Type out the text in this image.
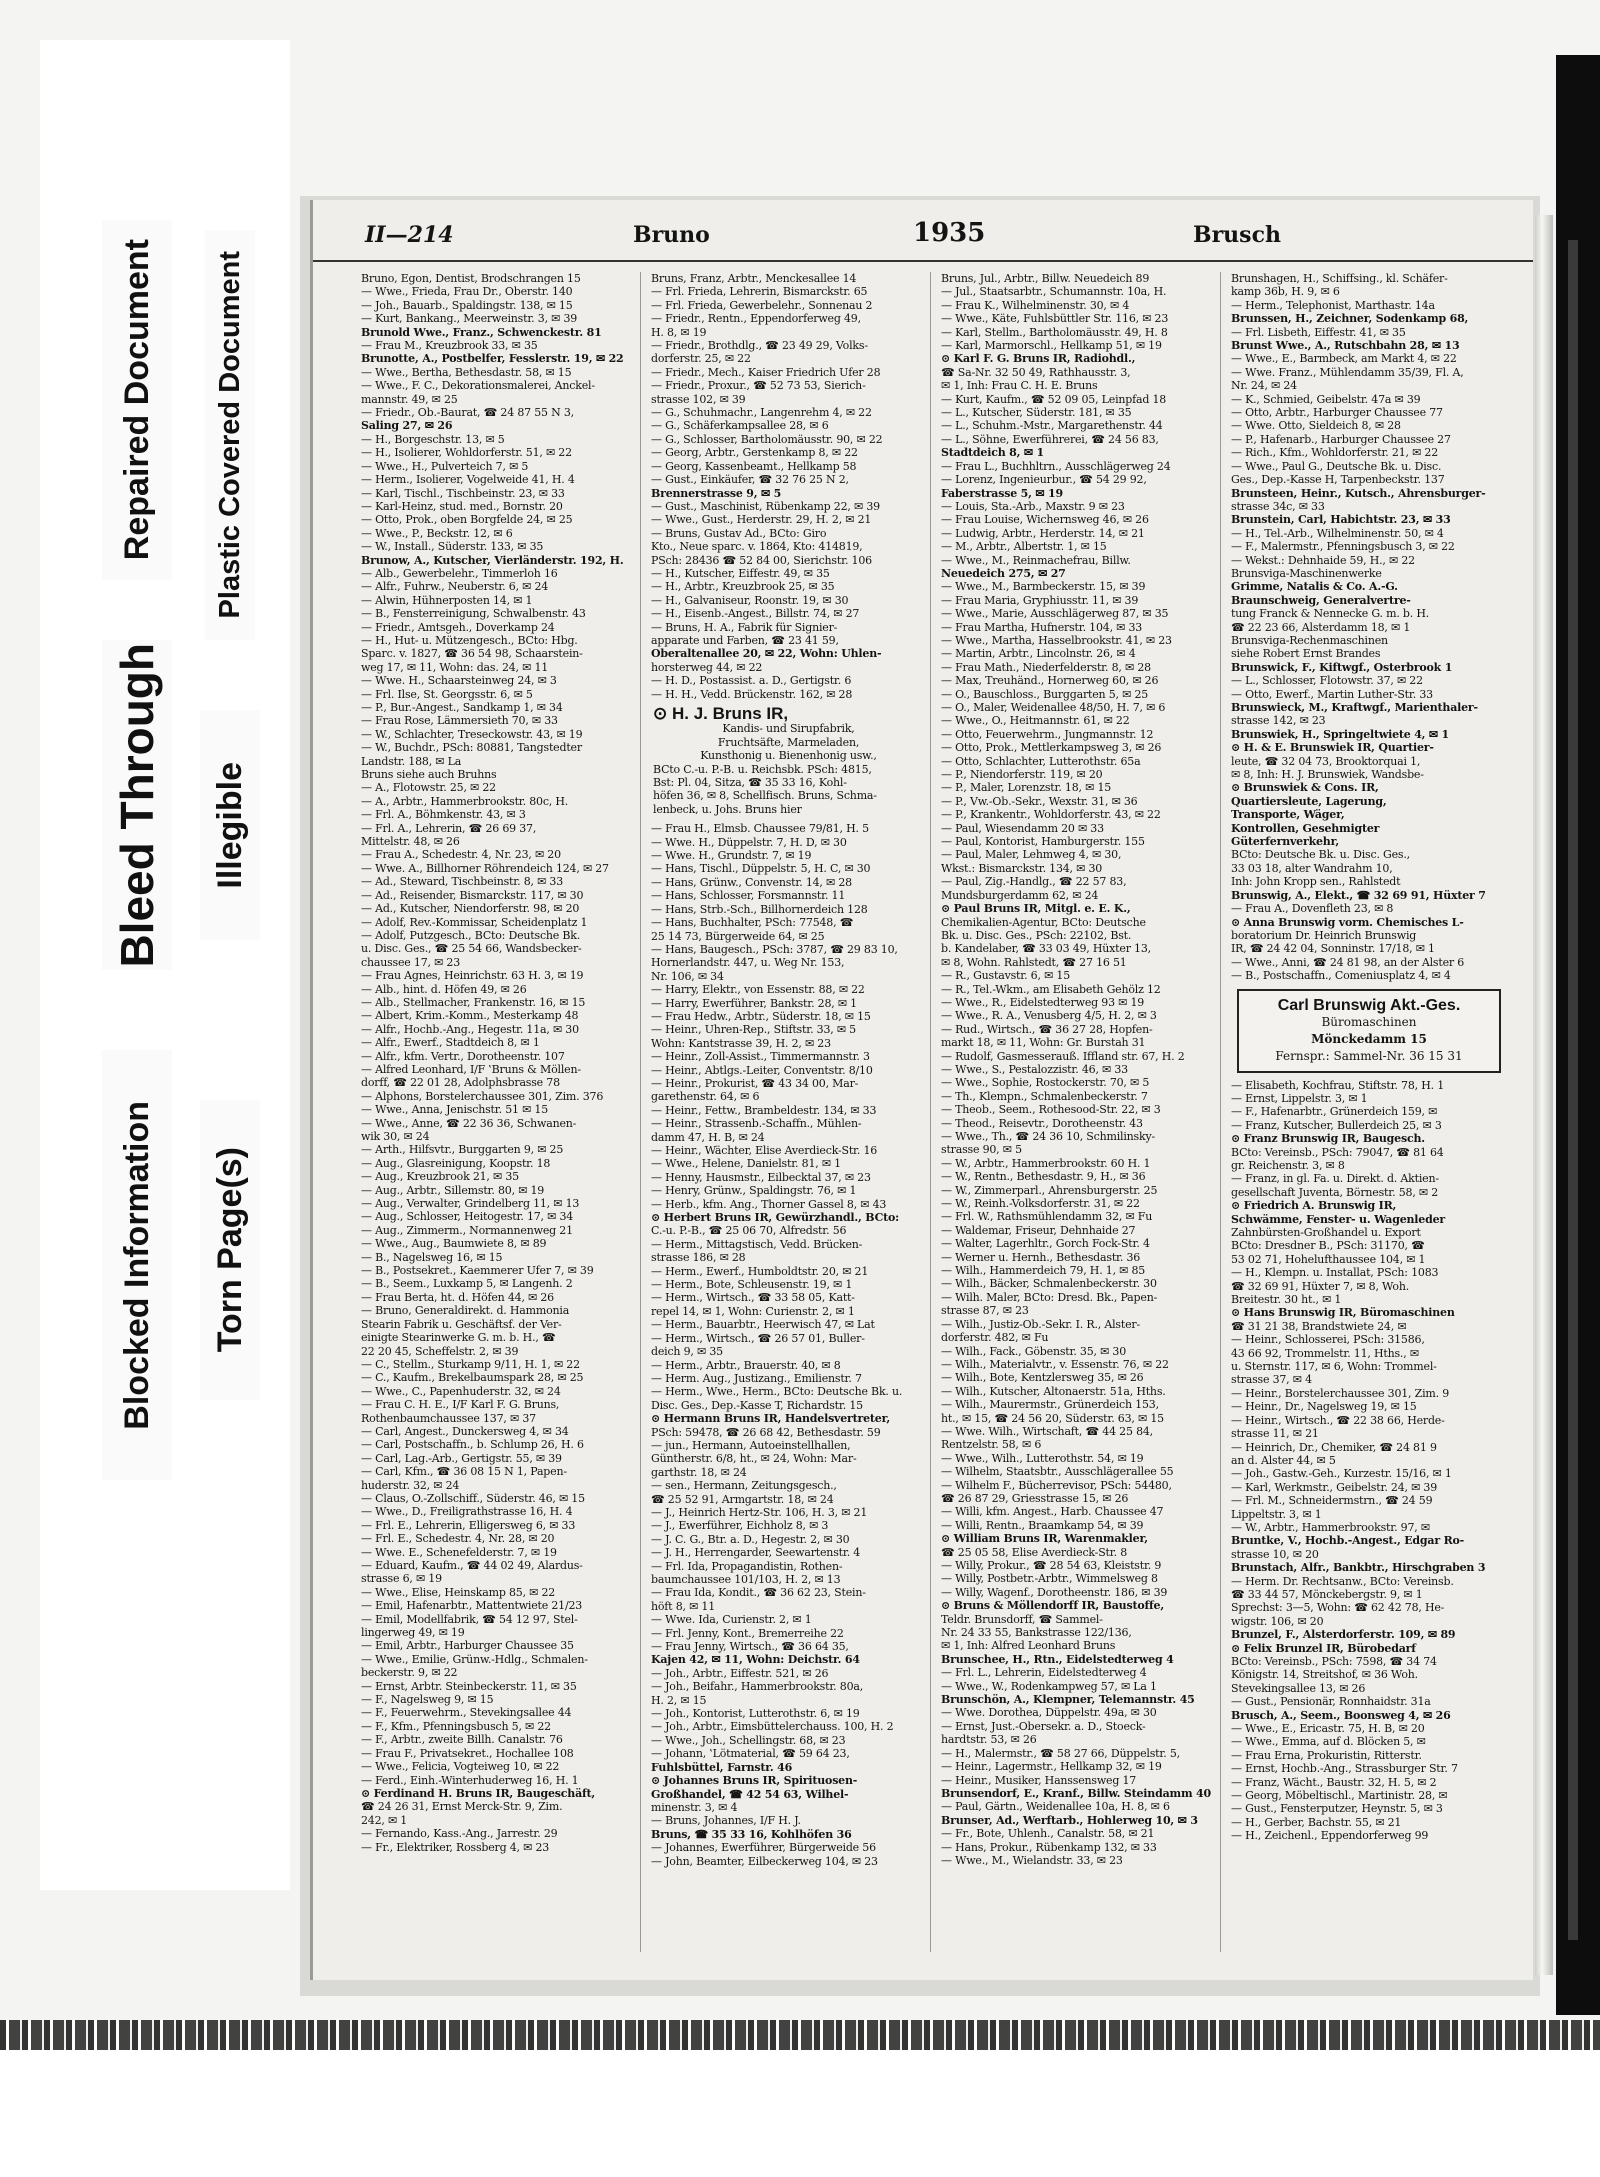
Bleed Through Illegible
Blocked Information Torn Page(s)
Repaired Document Plastic Covered Document
II—214	Bruno	1935	Brusch
Bruno, Egon, Dentist, Brodschrangen 15
— Wwe., Frieda, Frau Dr., Oberstr. 140
— Joh., Bauarb., Spaldingstr. 138, ✉ 15
— Kurt, Bankang., Meerweinstr. 3, ✉ 39
Brunold Wwe., Franz., Schwenckestr. 81
— Frau M., Kreuzbrook 33, ✉ 35
Brunotte, A., Postbelfer, Fesslerstr. 19, ✉ 22
— Wwe., Bertha, Bethesdastr. 58, ✉ 15
— Wwe., F. C., Dekorationsmalerei, Anckel-
mannstr. 49, ✉ 25
— Friedr., Ob.-Baurat, ☎ 24 87 55 N 3,
Saling 27, ✉ 26
— H., Borgeschstr. 13, ✉ 5
— H., Isolierer, Wohldorferstr. 51, ✉ 22
— Wwe., H., Pulverteich 7, ✉ 5
— Herm., Isolierer, Vogelweide 41, H. 4
— Karl, Tischl., Tischbeinstr. 23, ✉ 33
— Karl-Heinz, stud. med., Bornstr. 20
— Otto, Prok., oben Borgfelde 24, ✉ 25
— Wwe., P., Beckstr. 12, ✉ 6
— W., Install., Süderstr. 133, ✉ 35
Brunow, A., Kutscher, Vierländerstr. 192, H.
— Alb., Gewerbelehr., Timmerloh 16
— Alfr., Fuhrw., Neuberstr. 6, ✉ 24
— Alwin, Hühnerposten 14, ✉ 1
— B., Fensterreinigung, Schwalbenstr. 43
— Friedr., Amtsgeh., Doverkamp 24
— H., Hut- u. Mützengesch., BCto: Hbg.
Sparc. v. 1827, ☎ 36 54 98, Schaarstein-
weg 17, ✉ 11, Wohn: das. 24, ✉ 11
— Wwe. H., Schaarsteinweg 24, ✉ 3
— Frl. Ilse, St. Georgsstr. 6, ✉ 5
— P., Bur.-Angest., Sandkamp 1, ✉ 34
— Frau Rose, Lämmersieth 70, ✉ 33
— W., Schlachter, Treseckowstr. 43, ✉ 19
— W., Buchdr., PSch: 80881, Tangstedter
Landstr. 188, ✉ La
Bruns siehe auch Bruhns
— A., Flotowstr. 25, ✉ 22
— A., Arbtr., Hammerbrookstr. 80c, H.
— Frl. A., Böhmkenstr. 43, ✉ 3
— Frl. A., Lehrerin, ☎ 26 69 37,
Mittelstr. 48, ✉ 26
— Frau A., Schedestr. 4, Nr. 23, ✉ 20
— Wwe. A., Billhorner Röhrendeich 124, ✉ 27
— Ad., Steward, Tischbeinstr. 8, ✉ 33
— Ad., Reisender, Bismarckstr. 117, ✉ 30
— Ad., Kutscher, Niendorferstr. 98, ✉ 20
— Adolf, Rev.-Kommissar, Scheidenplatz 1
— Adolf, Putzgesch., BCto: Deutsche Bk.
u. Disc. Ges., ☎ 25 54 66, Wandsbecker-
chaussee 17, ✉ 23
— Frau Agnes, Heinrichstr. 63 H. 3, ✉ 19
— Alb., hint. d. Höfen 49, ✉ 26
— Alb., Stellmacher, Frankenstr. 16, ✉ 15
— Albert, Krim.-Komm., Mesterkamp 48
— Alfr., Hochb.-Ang., Hegestr. 11a, ✉ 30
— Alfr., Ewerf., Stadtdeich 8, ✉ 1
— Alfr., kfm. Vertr., Dorotheenstr. 107
— Alfred Leonhard, I/F ‛Bruns & Möllen-
dorff, ☎ 22 01 28, Adolphsbrasse 78
— Alphons, Borstelerchaussee 301, Zim. 376
— Wwe., Anna, Jenischstr. 51 ✉ 15
— Wwe., Anne, ☎ 22 36 36, Schwanen-
wik 30, ✉ 24
— Arth., Hilfsvtr., Burggarten 9, ✉ 25
— Aug., Glasreinigung, Koopstr. 18
— Aug., Kreuzbrook 21, ✉ 35
— Aug., Arbtr., Sillemstr. 80, ✉ 19
— Aug., Verwalter, Grindelberg 11, ✉ 13
— Aug., Schlosser, Heitogestr. 17, ✉ 34
— Aug., Zimmerm., Normannenweg 21
— Wwe., Aug., Baumwiete 8, ✉ 89
— B., Nagelsweg 16, ✉ 15
— B., Postsekret., Kaemmerer Ufer 7, ✉ 39
— B., Seem., Luxkamp 5, ✉ Langenh. 2
— Frau Berta, ht. d. Höfen 44, ✉ 26
— Bruno, Generaldirekt. d. Hammonia
Stearin Fabrik u. Geschäftsf. der Ver-
einigte Stearinwerke G. m. b. H., ☎
22 20 45, Scheffelstr. 2, ✉ 39
— C., Stellm., Sturkamp 9/11, H. 1, ✉ 22
— C., Kaufm., Brekelbaumspark 28, ✉ 25
— Wwe., C., Papenhuderstr. 32, ✉ 24
— Frau C. H. E., I/F Karl F. G. Bruns,
Rothenbaumchaussee 137, ✉ 37
— Carl, Angest., Dunckersweg 4, ✉ 34
— Carl, Postschaffn., b. Schlump 26, H. 6
— Carl, Lag.-Arb., Gertigstr. 55, ✉ 39
— Carl, Kfm., ☎ 36 08 15 N 1, Papen-
huderstr. 32, ✉ 24
— Claus, O.-Zollschiff., Süderstr. 46, ✉ 15
— Wwe., D., Freiligrathstrasse 16, H. 4
— Frl. E., Lehrerin, Elligersweg 6, ✉ 33
— Frl. E., Schedestr. 4, Nr. 28, ✉ 20
— Wwe. E., Schenefelderstr. 7, ✉ 19
— Eduard, Kaufm., ☎ 44 02 49, Alardus-
strasse 6, ✉ 19
— Wwe., Elise, Heinskamp 85, ✉ 22
— Emil, Hafenarbtr., Mattentwiete 21/23
— Emil, Modellfabrik, ☎ 54 12 97, Stel-
lingerweg 49, ✉ 19
— Emil, Arbtr., Harburger Chaussee 35
— Wwe., Emilie, Grünw.-Hdlg., Schmalen-
beckerstr. 9, ✉ 22
— Ernst, Arbtr. Steinbeckerstr. 11, ✉ 35
— F., Nagelsweg 9, ✉ 15
— F., Feuerwehrm., Stevekingsallee 44
— F., Kfm., Pfenningsbusch 5, ✉ 22
— F., Arbtr., zweite Billh. Canalstr. 76
— Frau F., Privatsekret., Hochallee 108
— Wwe., Felicia, Vogteiweg 10, ✉ 22
— Ferd., Einh.-Winterhuderweg 16, H. 1
⊙ Ferdinand H. Bruns IR, Baugeschäft,
☎ 24 26 31, Ernst Merck-Str. 9, Zim.
242, ✉ 1
— Fernando, Kass.-Ang., Jarrestr. 29
— Fr., Elektriker, Rossberg 4, ✉ 23
Bruns, Franz, Arbtr., Menckesallee 14
— Frl. Frieda, Lehrerin, Bismarckstr. 65
— Frl. Frieda, Gewerbelehr., Sonnenau 2
— Friedr., Rentn., Eppendorferweg 49,
H. 8, ✉ 19
— Friedr., Brothdlg., ☎ 23 49 29, Volks-
dorferstr. 25, ✉ 22
— Friedr., Mech., Kaiser Friedrich Ufer 28
— Friedr., Proxur., ☎ 52 73 53, Sierich-
strasse 102, ✉ 39
— G., Schuhmachr., Langenrehm 4, ✉ 22
— G., Schäferkampsallee 28, ✉ 6
— G., Schlosser, Bartholomäusstr. 90, ✉ 22
— Georg, Arbtr., Gerstenkamp 8, ✉ 22
— Georg, Kassenbeamt., Hellkamp 58
— Gust., Einkäufer, ☎ 32 76 25 N 2,
Brennerstrasse 9, ✉ 5
— Gust., Maschinist, Rübenkamp 22, ✉ 39
— Wwe., Gust., Herderstr. 29, H. 2, ✉ 21
— Bruns, Gustav Ad., BCto: Giro
Kto., Neue sparc. v. 1864, Kto: 414819,
PSch: 28436 ☎ 52 84 00, Sierichstr. 106
— H., Kutscher, Eiffestr. 49, ✉ 35
— H., Arbtr., Kreuzbrook 25, ✉ 35
— H., Galvaniseur, Roonstr. 19, ✉ 30
— H., Eisenb.-Angest., Billstr. 74, ✉ 27
— Bruns, H. A., Fabrik für Signier-
apparate und Farben, ☎ 23 41 59,
Oberaltenallee 20, ✉ 22, Wohn: Uhlen-
horsterweg 44, ✉ 22
— H. D., Postassist. a. D., Gertigstr. 6
— H. H., Vedd. Brückenstr. 162, ✉ 28
⊙ H. J. Bruns IR,
Kandis- und Sirupfabrik,
Fruchtsäfte, Marmeladen,
Kunsthonig u. Bienenhonig usw.,
BCto C.-u. P.-B. u. Reichsbk. PSch: 4815,
Bst: Pl. 04, Sitza, ☎ 35 33 16, Kohl-
höfen 36, ✉ 8, Schellfisch. Bruns, Schma-
lenbeck, u. Johs. Bruns hier
— Frau H., Elmsb. Chaussee 79/81, H. 5
— Wwe. H., Düppelstr. 7, H. D, ✉ 30
— Wwe. H., Grundstr. 7, ✉ 19
— Hans, Tischl., Düppelstr. 5, H. C, ✉ 30
— Hans, Grünw., Convenstr. 14, ✉ 28
— Hans, Schlosser, Forsmannstr. 11
— Hans, Strb.-Sch., Billhornerdeich 128
— Hans, Buchhalter, PSch: 77548, ☎
25 14 73, Bürgerweide 64, ✉ 25
— Hans, Baugesch., PSch: 3787, ☎ 29 83 10,
Hornerlandstr. 447, u. Weg Nr. 153,
Nr. 106, ✉ 34
— Harry, Elektr., von Essenstr. 88, ✉ 22
— Harry, Ewerführer, Bankstr. 28, ✉ 1
— Frau Hedw., Arbtr., Süderstr. 18, ✉ 15
— Heinr., Uhren-Rep., Stiftstr. 33, ✉ 5
Wohn: Kantstrasse 39, H. 2, ✉ 23
— Heinr., Zoll-Assist., Timmermannstr. 3
— Heinr., Abtlgs.-Leiter, Conventstr. 8/10
— Heinr., Prokurist, ☎ 43 34 00, Mar-
garethenstr. 64, ✉ 6
— Heinr., Fettw., Brambeldestr. 134, ✉ 33
— Heinr., Strassenb.-Schaffn., Mühlen-
damm 47, H. B, ✉ 24
— Heinr., Wächter, Elise Averdieck-Str. 16
— Wwe., Helene, Danielstr. 81, ✉ 1
— Henny, Hausmstr., Eilbecktal 37, ✉ 23
— Henry, Grünw., Spaldingstr. 76, ✉ 1
— Herb., kfm. Ang., Thorner Gassel 8, ✉ 43
⊙ Herbert Bruns IR, Gewürzhandl., BCto:
C.-u. P.-B., ☎ 25 06 70, Alfredstr. 56
— Herm., Mittagstisch, Vedd. Brücken-
strasse 186, ✉ 28
— Herm., Ewerf., Humboldtstr. 20, ✉ 21
— Herm., Bote, Schleusenstr. 19, ✉ 1
— Herm., Wirtsch., ☎ 33 58 05, Katt-
repel 14, ✉ 1, Wohn: Curienstr. 2, ✉ 1
— Herm., Bauarbtr., Heerwisch 47, ✉ Lat
— Herm., Wirtsch., ☎ 26 57 01, Buller-
deich 9, ✉ 35
— Herm., Arbtr., Brauerstr. 40, ✉ 8
— Herm. Aug., Justizang., Emilienstr. 7
— Herm., Wwe., Herm., BCto: Deutsche Bk. u.
Disc. Ges., Dep.-Kasse T, Richardstr. 15
⊙ Hermann Bruns IR, Handelsvertreter,
PSch: 59478, ☎ 26 68 42, Bethesdastr. 59
— jun., Hermann, Autoeinstellhallen,
Güntherstr. 6/8, ht., ✉ 24, Wohn: Mar-
garthstr. 18, ✉ 24
— sen., Hermann, Zeitungsgesch.,
☎ 25 52 91, Armgartstr. 18, ✉ 24
— J., Heinrich Hertz-Str. 106, H. 3, ✉ 21
— J., Ewerführer, Eichholz 8, ✉ 3
— J. C. G., Btr. a. D., Hegestr. 2, ✉ 30
— J. H., Herrengarder, Seewartenstr. 4
— Frl. Ida, Propagandistin, Rothen-
baumchaussee 101/103, H. 2, ✉ 13
— Frau Ida, Kondit., ☎ 36 62 23, Stein-
höft 8, ✉ 11
— Wwe. Ida, Curienstr. 2, ✉ 1
— Frl. Jenny, Kont., Bremerreihe 22
— Frau Jenny, Wirtsch., ☎ 36 64 35,
Kajen 42, ✉ 11, Wohn: Deichstr. 64
— Joh., Arbtr., Eiffestr. 521, ✉ 26
— Joh., Beifahr., Hammerbrookstr. 80a,
H. 2, ✉ 15
— Joh., Kontorist, Lutterothstr. 6, ✉ 19
— Joh., Arbtr., Eimsbüttelerchauss. 100, H. 2
— Wwe., Joh., Schellingstr. 68, ✉ 23
— Johann, ‛Lötmaterial, ☎ 59 64 23,
Fuhlsbüttel, Farnstr. 46
⊙ Johannes Bruns IR, Spirituosen-
Großhandel, ☎ 42 54 63, Wilhel-
minenstr. 3, ✉ 4
— Bruns, Johannes, I/F H. J.
Bruns, ☎ 35 33 16, Kohlhöfen 36
— Johannes, Ewerführer, Bürgerweide 56
— John, Beamter, Eilbeckerweg 104, ✉ 23
Bruns, Jul., Arbtr., Billw. Neuedeich 89
— Jul., Staatsarbtr., Schumannstr. 10a, H.
— Frau K., Wilhelminenstr. 30, ✉ 4
— Wwe., Käte, Fuhlsbüttler Str. 116, ✉ 23
— Karl, Stellm., Bartholomäusstr. 49, H. 8
— Karl, Marmorschl., Hellkamp 51, ✉ 19
⊙ Karl F. G. Bruns IR, Radiohdl.,
☎ Sa-Nr. 32 50 49, Rathhausstr. 3,
✉ 1, Inh: Frau C. H. E. Bruns
— Kurt, Kaufm., ☎ 52 09 05, Leinpfad 18
— L., Kutscher, Süderstr. 181, ✉ 35
— L., Schuhm.-Mstr., Margarethenstr. 44
— L., Söhne, Ewerführerei, ☎ 24 56 83,
Stadtdeich 8, ✉ 1
— Frau L., Buchhltrn., Ausschlägerweg 24
— Lorenz, Ingenieurbur., ☎ 54 29 92,
Faberstrasse 5, ✉ 19
— Louis, Sta.-Arb., Maxstr. 9 ✉ 23
— Frau Louise, Wichernsweg 46, ✉ 26
— Ludwig, Arbtr., Herderstr. 14, ✉ 21
— M., Arbtr., Albertstr. 1, ✉ 15
— Wwe., M., Reinmachefrau, Billw.
Neuedeich 275, ✉ 27
— Wwe., M., Barmbeckerstr. 15, ✉ 39
— Frau Maria, Gryphiusstr. 11, ✉ 39
— Wwe., Marie, Ausschlägerweg 87, ✉ 35
— Frau Martha, Hufnerstr. 104, ✉ 33
— Wwe., Martha, Hasselbrookstr. 41, ✉ 23
— Martin, Arbtr., Lincolnstr. 26, ✉ 4
— Frau Math., Niederfelderstr. 8, ✉ 28
— Max, Treuhänd., Hornerweg 60, ✉ 26
— O., Bauschloss., Burggarten 5, ✉ 25
— O., Maler, Weidenallee 48/50, H. 7, ✉ 6
— Wwe., O., Heitmannstr. 61, ✉ 22
— Otto, Feuerwehrm., Jungmannstr. 12
— Otto, Prok., Mettlerkampsweg 3, ✉ 26
— Otto, Schlachter, Lutterothstr. 65a
— P., Niendorferstr. 119, ✉ 20
— P., Maler, Lorenzstr. 18, ✉ 15
— P., Vw.-Ob.-Sekr., Wexstr. 31, ✉ 36
— P., Krankentr., Wohldorferstr. 43, ✉ 22
— Paul, Wiesendamm 20 ✉ 33
— Paul, Kontorist, Hamburgerstr. 155
— Paul, Maler, Lehmweg 4, ✉ 30,
Wkst.: Bismarckstr. 134, ✉ 30
— Paul, Zig.-Handlg., ☎ 22 57 83,
Mundsburgerdamm 62, ✉ 24
⊙ Paul Bruns IR, Mitgl. e. E. K.,
Chemikalien-Agentur, BCto: Deutsche
Bk. u. Disc. Ges., PSch: 22102, Bst.
b. Kandelaber, ☎ 33 03 49, Hüxter 13,
✉ 8, Wohn. Rahlstedt, ☎ 27 16 51
— R., Gustavstr. 6, ✉ 15
— R., Tel.-Wkm., am Elisabeth Gehölz 12
— Wwe., R., Eidelstedterweg 93 ✉ 19
— Wwe., R. A., Venusberg 4/5, H. 2, ✉ 3
— Rud., Wirtsch., ☎ 36 27 28, Hopfen-
markt 18, ✉ 11, Wohn: Gr. Burstah 31
— Rudolf, Gasmesserauß. Iffland str. 67, H. 2
— Wwe., S., Pestalozzistr. 46, ✉ 33
— Wwe., Sophie, Rostockerstr. 70, ✉ 5
— Th., Klempn., Schmalenbeckerstr. 7
— Theob., Seem., Rothesood-Str. 22, ✉ 3
— Theod., Reisevtr., Dorotheenstr. 43
— Wwe., Th., ☎ 24 36 10, Schmilinsky-
strasse 90, ✉ 5
— W., Arbtr., Hammerbrookstr. 60 H. 1
— W., Rentn., Bethesdastr. 9, H., ✉ 36
— W., Zimmerparl., Ahrensburgerstr. 25
— W., Reinh.-Volksdorferstr. 31, ✉ 22
— Frl. W., Rathsmühlendamm 32, ✉ Fu
— Waldemar, Friseur, Dehnhaide 27
— Walter, Lagerhltr., Gorch Fock-Str. 4
— Werner u. Hernh., Bethesdastr. 36
— Wilh., Hammerdeich 79, H. 1, ✉ 85
— Wilh., Bäcker, Schmalenbeckerstr. 30
— Wilh. Maler, BCto: Dresd. Bk., Papen-
strasse 87, ✉ 23
— Wilh., Justiz-Ob.-Sekr. I. R., Alster-
dorferstr. 482, ✉ Fu
— Wilh., Fack., Göbenstr. 35, ✉ 30
— Wilh., Materialvtr., v. Essenstr. 76, ✉ 22
— Wilh., Bote, Kentzlersweg 35, ✉ 26
— Wilh., Kutscher, Altonaerstr. 51a, Hths.
— Wilh., Maurermstr., Grünerdeich 153,
ht., ✉ 15, ☎ 24 56 20, Süderstr. 63, ✉ 15
— Wwe. Wilh., Wirtschaft, ☎ 44 25 84,
Rentzelstr. 58, ✉ 6
— Wwe., Wilh., Lutterothstr. 54, ✉ 19
— Wilhelm, Staatsbtr., Ausschlägerallee 55
— Wilhelm F., Bücherrevisor, PSch: 54480,
☎ 26 87 29, Griesstrasse 15, ✉ 26
— Willi, kfm. Angest., Harb. Chaussee 47
— Willi, Rentn., Braamkamp 54, ✉ 39
⊙ William Bruns IR, Warenmakler,
☎ 25 05 58, Elise Averdieck-Str. 8
— Willy, Prokur., ☎ 28 54 63, Kleiststr. 9
— Willy, Postbetr.-Arbtr., Wimmelsweg 8
— Willy, Wagenf., Dorotheenstr. 186, ✉ 39
⊙ Bruns & Möllendorff IR, Baustoffe,
Teldr. Brunsdorff, ☎ Sammel-
Nr. 24 33 55, Bankstrasse 122/136,
✉ 1, Inh: Alfred Leonhard Bruns
Brunschee, H., Rtn., Eidelstedterweg 4
— Frl. L., Lehrerin, Eidelstedterweg 4
— Wwe., W., Rodenkampweg 57, ✉ La 1
Brunschön, A., Klempner, Telemannstr. 45
— Wwe. Dorothea, Düppelstr. 49a, ✉ 30
— Ernst, Just.-Obersekr. a. D., Stoeck-
hardtstr. 53, ✉ 26
— H., Malermstr., ☎ 58 27 66, Düppelstr. 5,
— Heinr., Lagermstr., Hellkamp 32, ✉ 19
— Heinr., Musiker, Hanssensweg 17
Brunsendorf, E., Kranf., Billw. Steindamm 40
— Paul, Gärtn., Weidenallee 10a, H. 8, ✉ 6
Brunser, Ad., Werftarb., Hohlerweg 10, ✉ 3
— Fr., Bote, Uhlenh., Canalstr. 58, ✉ 21
— Hans, Prokur., Rübenkamp 132, ✉ 33
— Wwe., M., Wielandstr. 33, ✉ 23
Brunshagen, H., Schiffsing., kl. Schäfer-
kamp 36b, H. 9, ✉ 6
— Herm., Telephonist, Marthastr. 14a
Brunssen, H., Zeichner, Sodenkamp 68,
— Frl. Lisbeth, Eiffestr. 41, ✉ 35
Brunst Wwe., A., Rutschbahn 28, ✉ 13
— Wwe., E., Barmbeck, am Markt 4, ✉ 22
— Wwe. Franz., Mühlendamm 35/39, Fl. A,
Nr. 24, ✉ 24
— K., Schmied, Geibelstr. 47a ✉ 39
— Otto, Arbtr., Harburger Chaussee 77
— Wwe. Otto, Sieldeich 8, ✉ 28
— P., Hafenarb., Harburger Chaussee 27
— Rich., Kfm., Wohldorferstr. 21, ✉ 22
— Wwe., Paul G., Deutsche Bk. u. Disc.
Ges., Dep.-Kasse H, Tarpenbeckstr. 137
Brunsteen, Heinr., Kutsch., Ahrensburger-
strasse 34c, ✉ 33
Brunstein, Carl, Habichtstr. 23, ✉ 33
— H., Tel.-Arb., Wilhelminenstr. 50, ✉ 4
— F., Malermstr., Pfenningsbusch 3, ✉ 22
— Wekst.: Dehnhaide 59, H., ✉ 22
Brunsviga-Maschinenwerke
Grimme, Natalis & Co. A.-G.
Braunschweig, Generalvertre-
tung Franck & Nennecke G. m. b. H.
☎ 22 23 66, Alsterdamm 18, ✉ 1
Brunsviga-Rechenmaschinen
siehe Robert Ernst Brandes
Brunswick, F., Kiftwgf., Osterbrook 1
— L., Schlosser, Flotowstr. 37, ✉ 22
— Otto, Ewerf., Martin Luther-Str. 33
Brunswieck, M., Kraftwgf., Marienthaler-
strasse 142, ✉ 23
Brunswiek, H., Springeltwiete 4, ✉ 1
⊙ H. & E. Brunswiek IR, Quartier-
leute, ☎ 32 04 73, Brooktorquai 1,
✉ 8, Inh: H. J. Brunswiek, Wandsbe-
⊙ Brunswiek & Cons. IR,
Quartiersleute, Lagerung,
Transporte, Wäger,
Kontrollen, Gesehmigter
Güterfernverkehr,
BCto: Deutsche Bk. u. Disc. Ges.,
33 03 18, alter Wandrahm 10,
Inh: John Kropp sen., Rahlstedt
Brunswig, A., Elekt., ☎ 32 69 91, Hüxter 7
— Frau A., Dovenfleth 23, ✉ 8
⊙ Anna Brunswig vorm. Chemisches L-
boratorium Dr. Heinrich Brunswig
IR, ☎ 24 42 04, Sonninstr. 17/18, ✉ 1
— Wwe., Anni, ☎ 24 81 98, an der Alster 6
— B., Postschaffn., Comeniusplatz 4, ✉ 4
Carl Brunswig Akt.-Ges.
Büromaschinen
Mönckedamm 15
Fernspr.: Sammel-Nr. 36 15 31
— Elisabeth, Kochfrau, Stiftstr. 78, H. 1
— Ernst, Lippelstr. 3, ✉ 1
— F., Hafenarbtr., Grünerdeich 159, ✉
— Franz, Kutscher, Bullerdeich 25, ✉ 3
⊙ Franz Brunswig IR, Baugesch.
BCto: Vereinsb., PSch: 79047, ☎ 81 64
gr. Reichenstr. 3, ✉ 8
— Franz, in gl. Fa. u. Direkt. d. Aktien-
gesellschaft Juventa, Börnestr. 58, ✉ 2
⊙ Friedrich A. Brunswig IR,
Schwämme, Fenster- u. Wagenleder
Zahnbürsten-Großhandel u. Export
BCto: Dresdner B., PSch: 31170, ☎
53 02 71, Hohelufthaussee 104, ✉ 1
— H., Klempn. u. Installat, PSch: 1083
☎ 32 69 91, Hüxter 7, ✉ 8, Woh.
Breitestr. 30 ht., ✉ 1
⊙ Hans Brunswig IR, Büromaschinen
☎ 31 21 38, Brandstwiete 24, ✉
— Heinr., Schlosserei, PSch: 31586,
43 66 92, Trommelstr. 11, Hths., ✉
u. Sternstr. 117, ✉ 6, Wohn: Trommel-
strasse 37, ✉ 4
— Heinr., Borstelerchaussee 301, Zim. 9
— Heinr., Dr., Nagelsweg 19, ✉ 15
— Heinr., Wirtsch., ☎ 22 38 66, Herde-
strasse 11, ✉ 21
— Heinrich, Dr., Chemiker, ☎ 24 81 9
an d. Alster 44, ✉ 5
— Joh., Gastw.-Geh., Kurzestr. 15/16, ✉ 1
— Karl, Werkmstr., Geibelstr. 24, ✉ 39
— Frl. M., Schneidermstrn., ☎ 24 59
Lippeltstr. 3, ✉ 1
— W., Arbtr., Hammerbrookstr. 97, ✉
Bruntke, V., Hochb.-Angest., Edgar Ro-
strasse 10, ✉ 20
Brunstach, Alfr., Bankbtr., Hirschgraben 3
— Herm. Dr. Rechtsanw., BCto: Vereinsb.
☎ 33 44 57, Mönckebergstr. 9, ✉ 1
Sprechst: 3—5, Wohn: ☎ 62 42 78, He-
wigstr. 106, ✉ 20
Brunzel, F., Alsterdorferstr. 109, ✉ 89
⊙ Felix Brunzel IR, Bürobedarf
BCto: Vereinsb., PSch: 7598, ☎ 34 74
Königstr. 14, Streitshof, ✉ 36 Woh.
Stevekingsallee 13, ✉ 26
— Gust., Pensionär, Ronnhaidstr. 31a
Brusch, A., Seem., Boonsweg 4, ✉ 26
— Wwe., E., Ericastr. 75, H. B, ✉ 20
— Wwe., Emma, auf d. Blöcken 5, ✉
— Frau Erna, Prokuristin, Ritterstr.
— Ernst, Hochb.-Ang., Strassburger Str. 7
— Franz, Wächt., Baustr. 32, H. 5, ✉ 2
— Georg, Möbeltischl., Martinistr. 28, ✉
— Gust., Fensterputzer, Heynstr. 5, ✉ 3
— H., Gerber, Bachstr. 55, ✉ 21
— H., Zeichenl., Eppendorferweg 99
